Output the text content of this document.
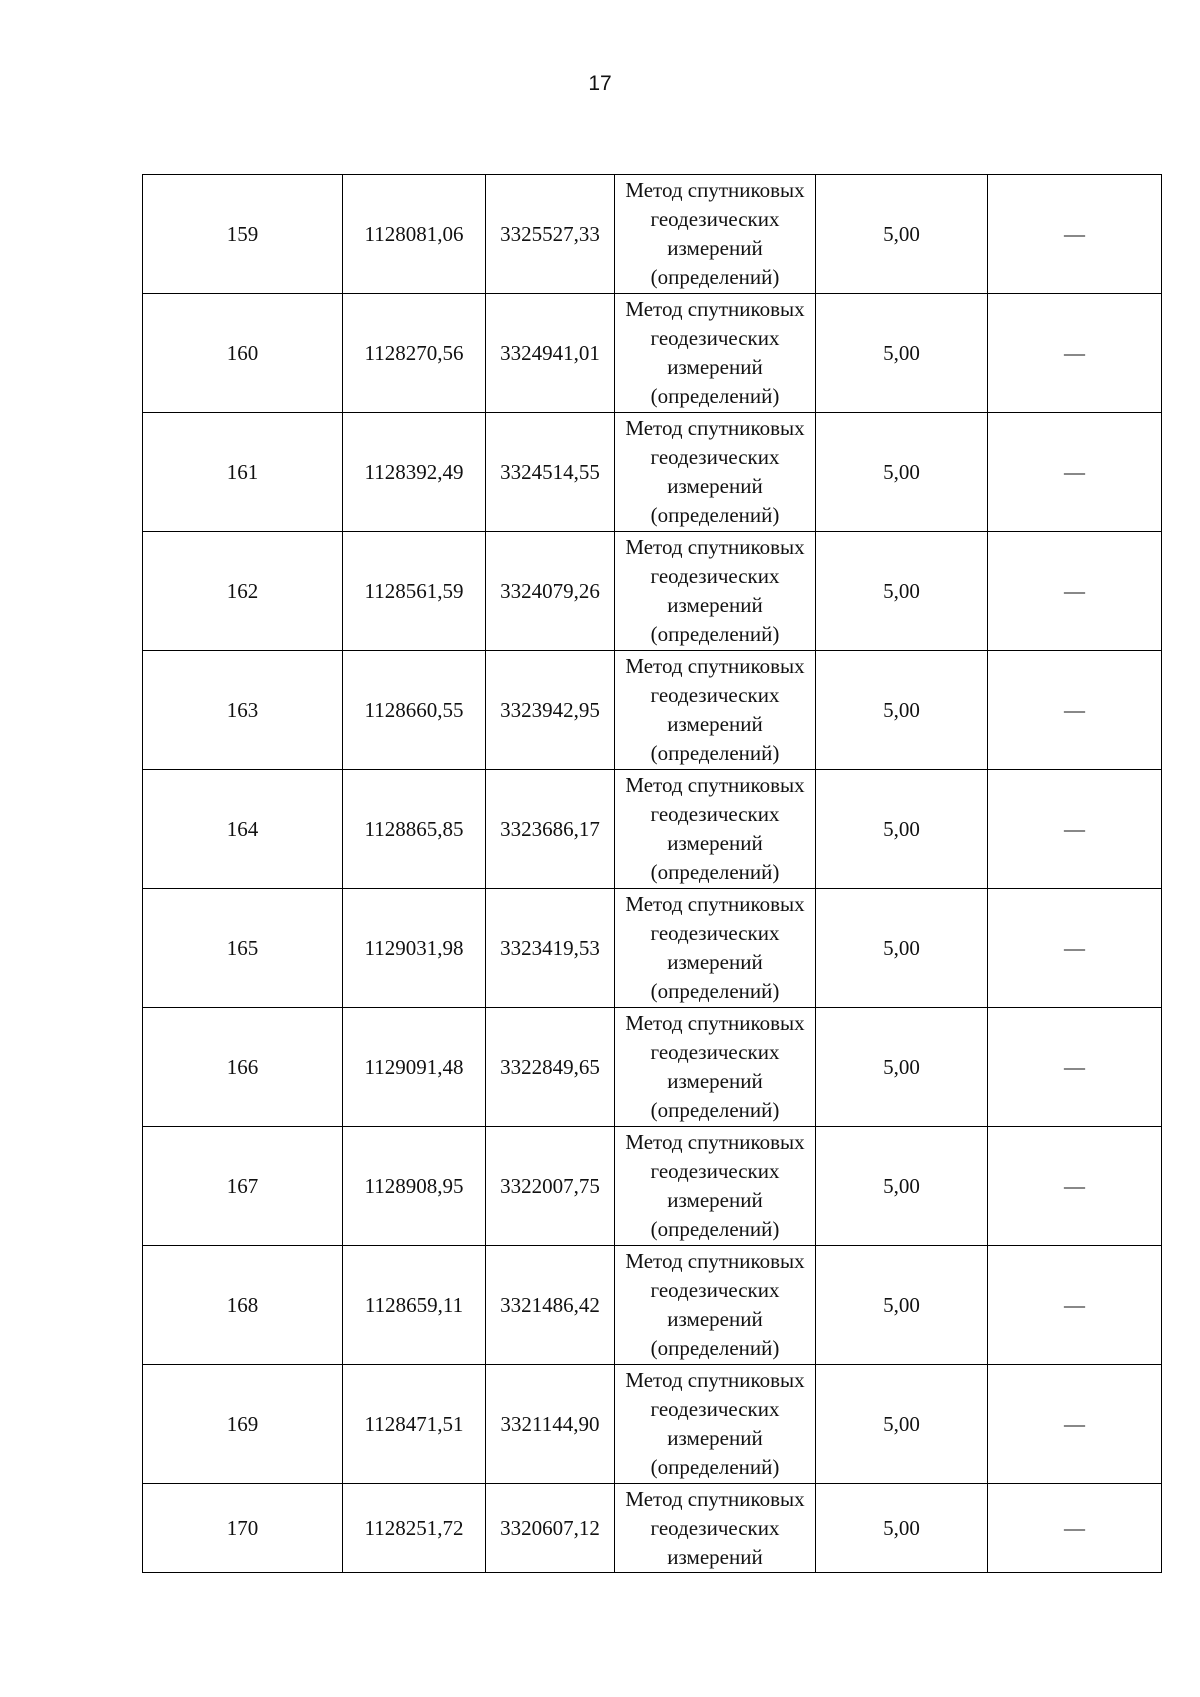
17
159	1128081,06	3325527,33	Метод спутниковых
геодезических
измерений
(определений)	5,00	—
160	1128270,56	3324941,01	Метод спутниковых
геодезических
измерений
(определений)	5,00	—
161	1128392,49	3324514,55	Метод спутниковых
геодезических
измерений
(определений)	5,00	—
162	1128561,59	3324079,26	Метод спутниковых
геодезических
измерений
(определений)	5,00	—
163	1128660,55	3323942,95	Метод спутниковых
геодезических
измерений
(определений)	5,00	—
164	1128865,85	3323686,17	Метод спутниковых
геодезических
измерений
(определений)	5,00	—
165	1129031,98	3323419,53	Метод спутниковых
геодезических
измерений
(определений)	5,00	—
166	1129091,48	3322849,65	Метод спутниковых
геодезических
измерений
(определений)	5,00	—
167	1128908,95	3322007,75	Метод спутниковых
геодезических
измерений
(определений)	5,00	—
168	1128659,11	3321486,42	Метод спутниковых
геодезических
измерений
(определений)	5,00	—
169	1128471,51	3321144,90	Метод спутниковых
геодезических
измерений
(определений)	5,00	—
170	1128251,72	3320607,12	Метод спутниковых
геодезических
измерений	5,00	—
